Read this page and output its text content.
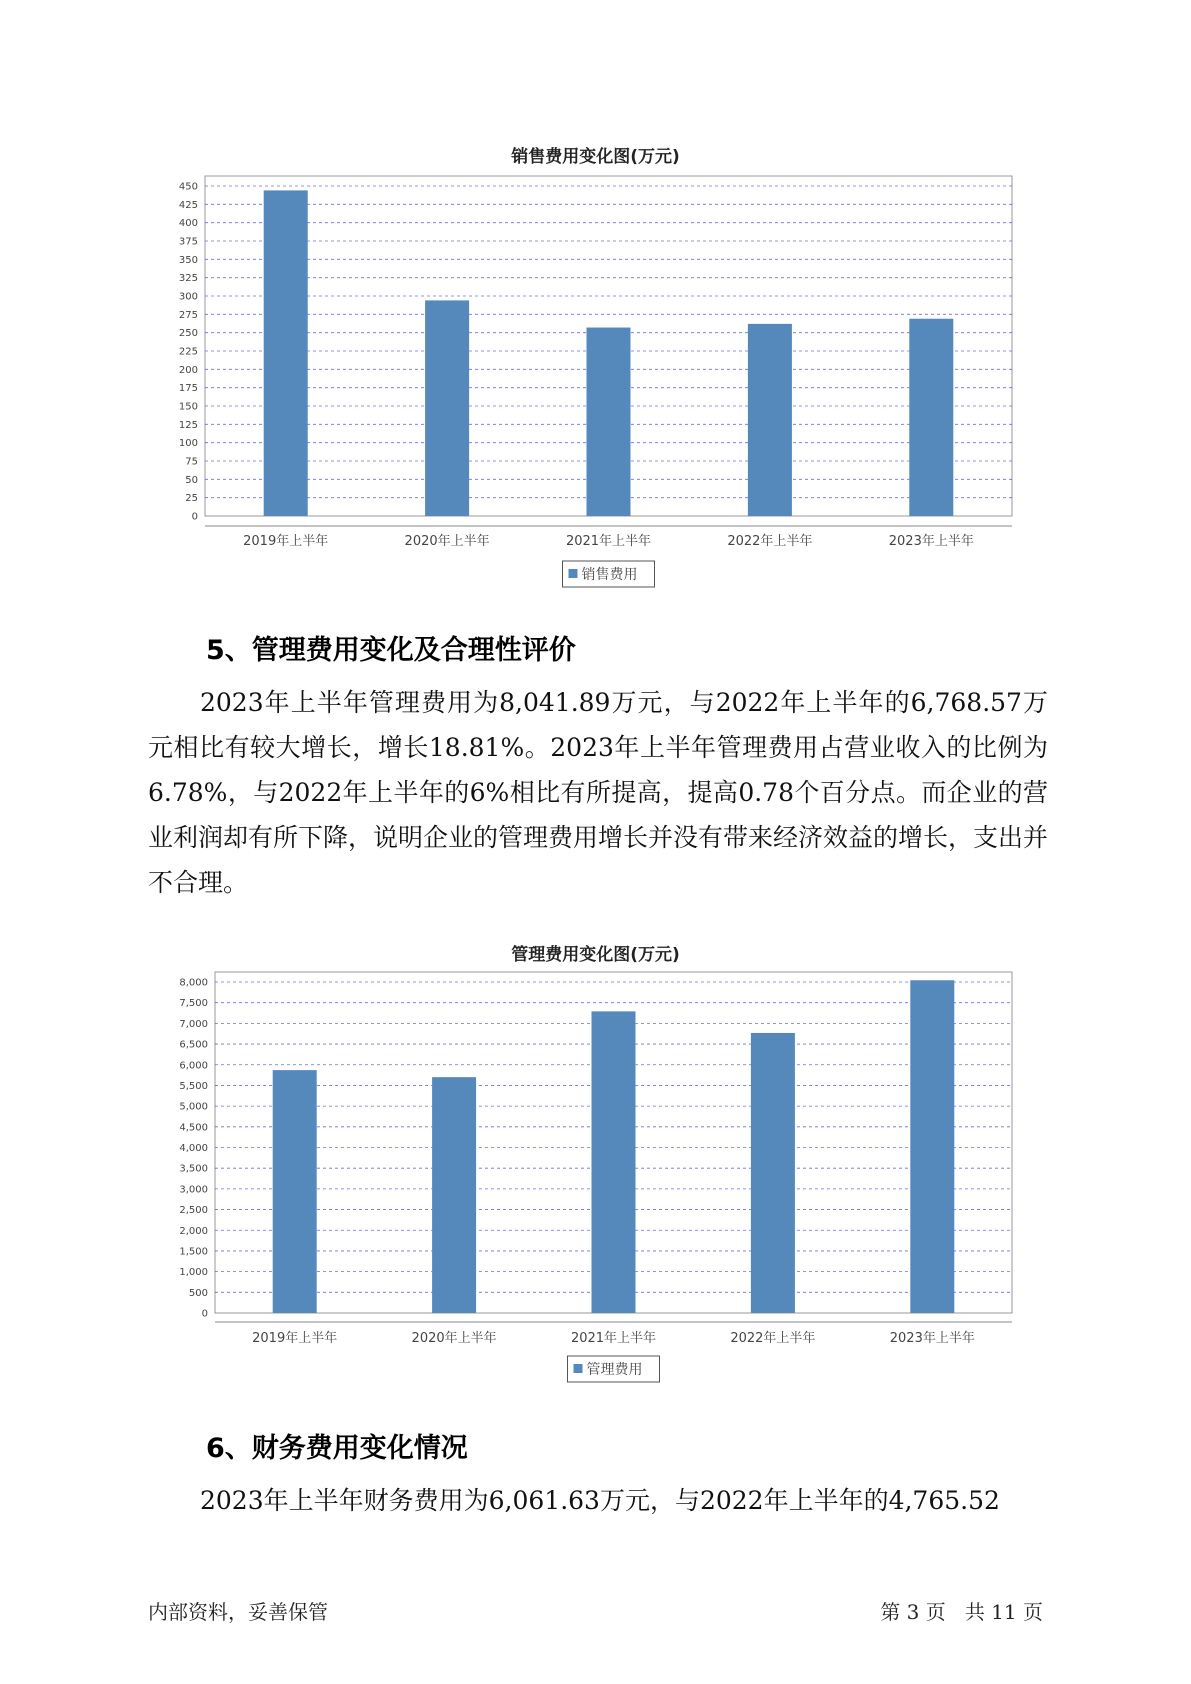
销售费用变化图(万元)
450
425
400
375
350
325
300
275
250
225
200
175
150
125
100
75
50
25
0
2019年上半年	2020年上半年	2021年上半年	2022年上半年	2023年上半年
销售费用
5、管理费用变化及合理性评价

2023年上半年管理费用为8,041.89万元，与2022年上半年的6,768.57万元相比有较大增长，增长18.81%。2023年上半年管理费用占营业收入的比例为6.78%，与2022年上半年的6%相比有所提高，提高0.78个百分点。而企业的营业利润却有所下降，说明企业的管理费用增长并没有带来经济效益的增长，支出并不合理。

管理费用变化图(万元)
8,000
7,500
7,000
6,500
6,000
5,500
5,000
4,500
4,000
3,500
3,000
2,500
2,000
1,500
1,000
500
0
2019年上半年	2020年上半年	2021年上半年	2022年上半年	2023年上半年
管理费用
6、财务费用变化情况

2023年上半年财务费用为6,061.63万元，与2022年上半年的4,765.52

内部资料，妥善保管	第 3 页   共 11 页
